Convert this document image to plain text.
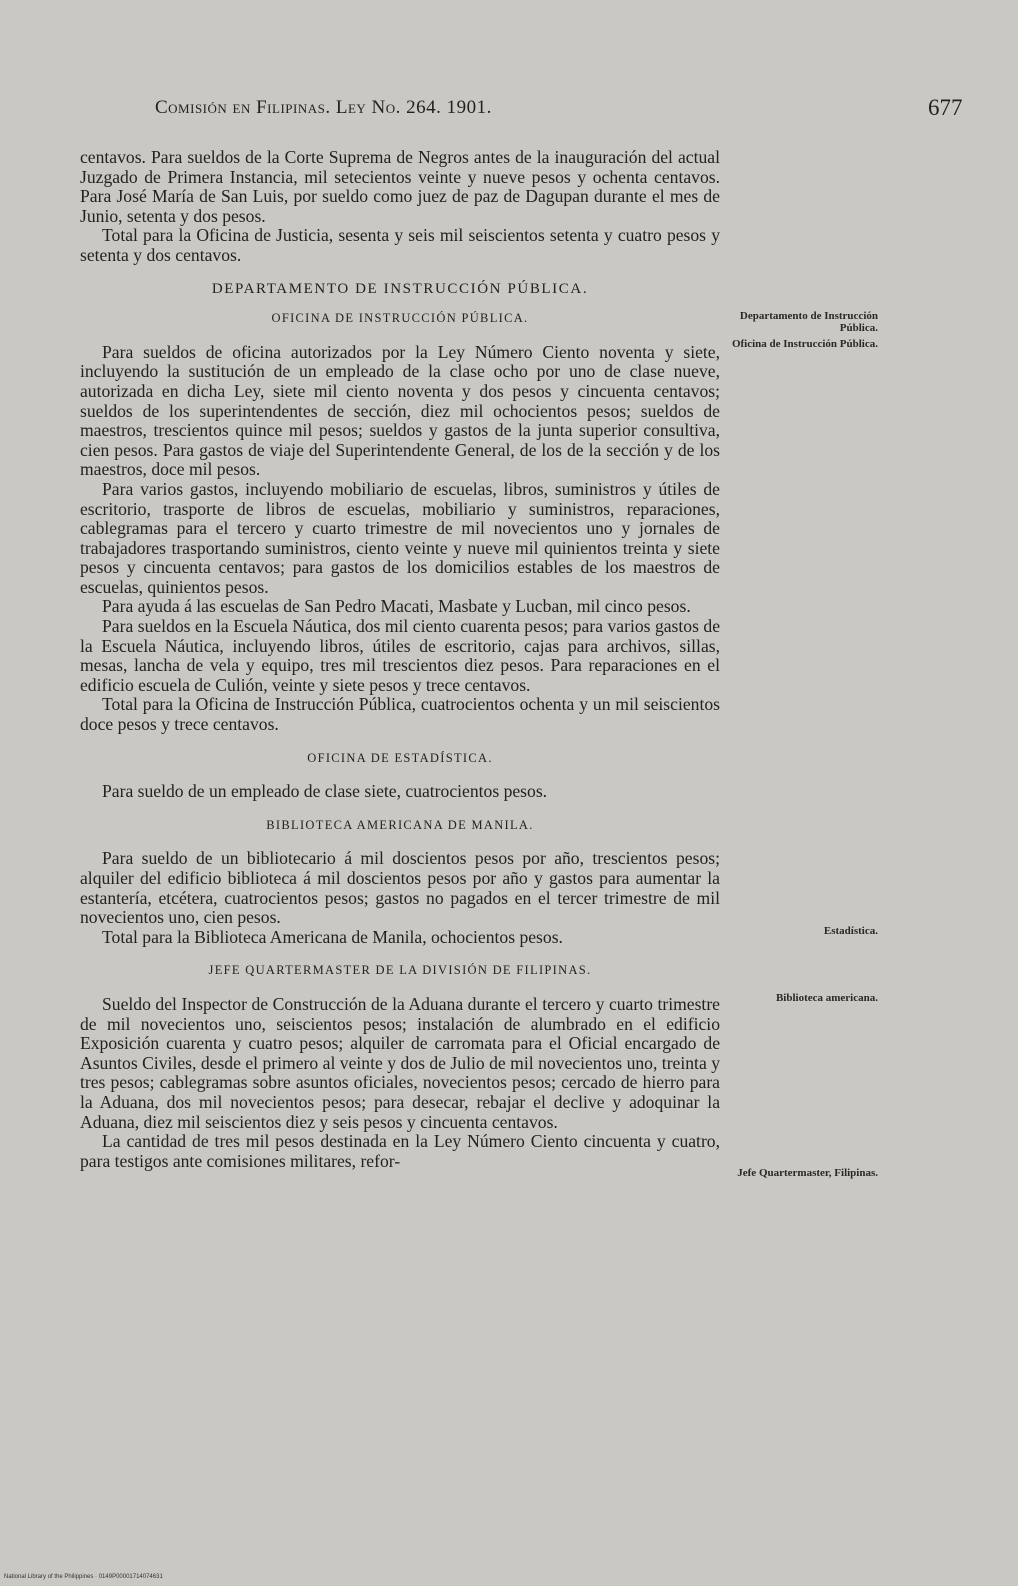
Comisión en Filipinas. Ley No. 264. 1901.	677

centavos. Para sueldos de la Corte Suprema de Negros antes de la inauguración del actual Juzgado de Primera Instancia, mil setecientos veinte y nueve pesos y ochenta centavos. Para José María de San Luis, por sueldo como juez de paz de Dagupan durante el mes de Junio, setenta y dos pesos.

Total para la Oficina de Justicia, sesenta y seis mil seiscientos setenta y cuatro pesos y setenta y dos centavos.

DEPARTAMENTO DE INSTRUCCIÓN PÚBLICA.
OFICINA DE INSTRUCCIÓN PÚBLICA.

Para sueldos de oficina autorizados por la Ley Número Ciento noventa y siete, incluyendo la sustitución de un empleado de la clase ocho por uno de clase nueve, autorizada en dicha Ley, siete mil ciento noventa y dos pesos y cincuenta centavos; sueldos de los superintendentes de sección, diez mil ochocientos pesos; sueldos de maestros, trescientos quince mil pesos; sueldos y gastos de la junta superior consultiva, cien pesos. Para gastos de viaje del Superintendente General, de los de la sección y de los maestros, doce mil pesos.

Para varios gastos, incluyendo mobiliario de escuelas, libros, suministros y útiles de escritorio, trasporte de libros de escuelas, mobiliario y suministros, reparaciones, cablegramas para el tercero y cuarto trimestre de mil novecientos uno y jornales de trabajadores trasportando suministros, ciento veinte y nueve mil quinientos treinta y siete pesos y cincuenta centavos; para gastos de los domicilios estables de los maestros de escuelas, quinientos pesos.

Para ayuda á las escuelas de San Pedro Macati, Masbate y Lucban, mil cinco pesos.

Para sueldos en la Escuela Náutica, dos mil ciento cuarenta pesos; para varios gastos de la Escuela Náutica, incluyendo libros, útiles de escritorio, cajas para archivos, sillas, mesas, lancha de vela y equipo, tres mil trescientos diez pesos. Para reparaciones en el edificio escuela de Culión, veinte y siete pesos y trece centavos.

Total para la Oficina de Instrucción Pública, cuatrocientos ochenta y un mil seiscientos doce pesos y trece centavos.

OFICINA DE ESTADÍSTICA.

Para sueldo de un empleado de clase siete, cuatrocientos pesos.

BIBLIOTECA AMERICANA DE MANILA.

Para sueldo de un bibliotecario á mil doscientos pesos por año, trescientos pesos; alquiler del edificio biblioteca á mil doscientos pesos por año y gastos para aumentar la estantería, etcétera, cuatrocientos pesos; gastos no pagados en el tercer trimestre de mil novecientos uno, cien pesos.

Total para la Biblioteca Americana de Manila, ochocientos pesos.

JEFE QUARTERMASTER DE LA DIVISIÓN DE FILIPINAS.

Sueldo del Inspector de Construcción de la Aduana durante el tercero y cuarto trimestre de mil novecientos uno, seiscientos pesos; instalación de alumbrado en el edificio Exposición cuarenta y cuatro pesos; alquiler de carromata para el Oficial encargado de Asuntos Civiles, desde el primero al veinte y dos de Julio de mil novecientos uno, treinta y tres pesos; cablegramas sobre asuntos oficiales, novecientos pesos; cercado de hierro para la Aduana, dos mil novecientos pesos; para desecar, rebajar el declive y adoquinar la Aduana, diez mil seiscientos diez y seis pesos y cincuenta centavos.

La cantidad de tres mil pesos destinada en la Ley Número Ciento cincuenta y cuatro, para testigos ante comisiones militares, refor-

Departamento de Instrucción Pública.
Oficina de Instrucción Pública.
Estadística.
Biblioteca americana.
Jefe Quartermaster, Filipinas.
National Library of the Philippines · 0149P00001714074631
